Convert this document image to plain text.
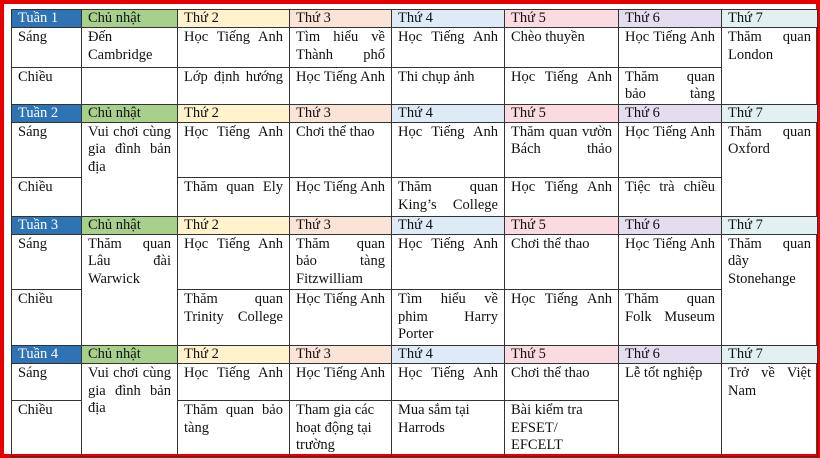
Tuần 1	Chủ nhật	Thứ 2	Thứ 3	Thứ 4	Thứ 5	Thứ 6	Thứ 7
Sáng	Đến Cambridge	Học Tiếng Anh	Tìm hiểu về Thành phố	Học Tiếng Anh	Chèo thuyền	Học Tiếng Anh	Thăm quan London
Chiều		Lớp định hướng	Học Tiếng Anh	Thi chụp ảnh	Học Tiếng Anh	Thăm quan bảo tàng	
Tuần 2	Chủ nhật	Thứ 2	Thứ 3	Thứ 4	Thứ 5	Thứ 6	Thứ 7
Sáng	Vui chơi cùng gia đình bản địa	Học Tiếng Anh	Chơi thể thao	Học Tiếng Anh	Thăm quan vườn Bách thảo	Học Tiếng Anh	Thăm quan Oxford
Chiều		Thăm quan Ely	Học Tiếng Anh	Thăm quan King’s College	Học Tiếng Anh	Tiệc trà chiều	
Tuần 3	Chủ nhật	Thứ 2	Thứ 3	Thứ 4	Thứ 5	Thứ 6	Thứ 7
Sáng	Thăm quan Lâu đài Warwick	Học Tiếng Anh	Thăm quan bảo tàng Fitzwilliam	Học Tiếng Anh	Chơi thể thao	Học Tiếng Anh	Thăm quan dãy Stonehange
Chiều		Thăm quan Trinity College	Học Tiếng Anh	Tìm hiểu về phim Harry Porter	Học Tiếng Anh	Thăm quan Folk Museum	
Tuần 4	Chủ nhật	Thứ 2	Thứ 3	Thứ 4	Thứ 5	Thứ 6	Thứ 7
Sáng	Vui chơi cùng gia đình bản địa	Học Tiếng Anh	Học Tiếng Anh	Học Tiếng Anh	Chơi thể thao	Lễ tốt nghiệp	Trở về Việt Nam
Chiều		Thăm quan bảo tàng	Tham gia các hoạt động tại trường	Mua sắm tại Harrods	Bài kiểm tra EFSET/ EFCELT		
